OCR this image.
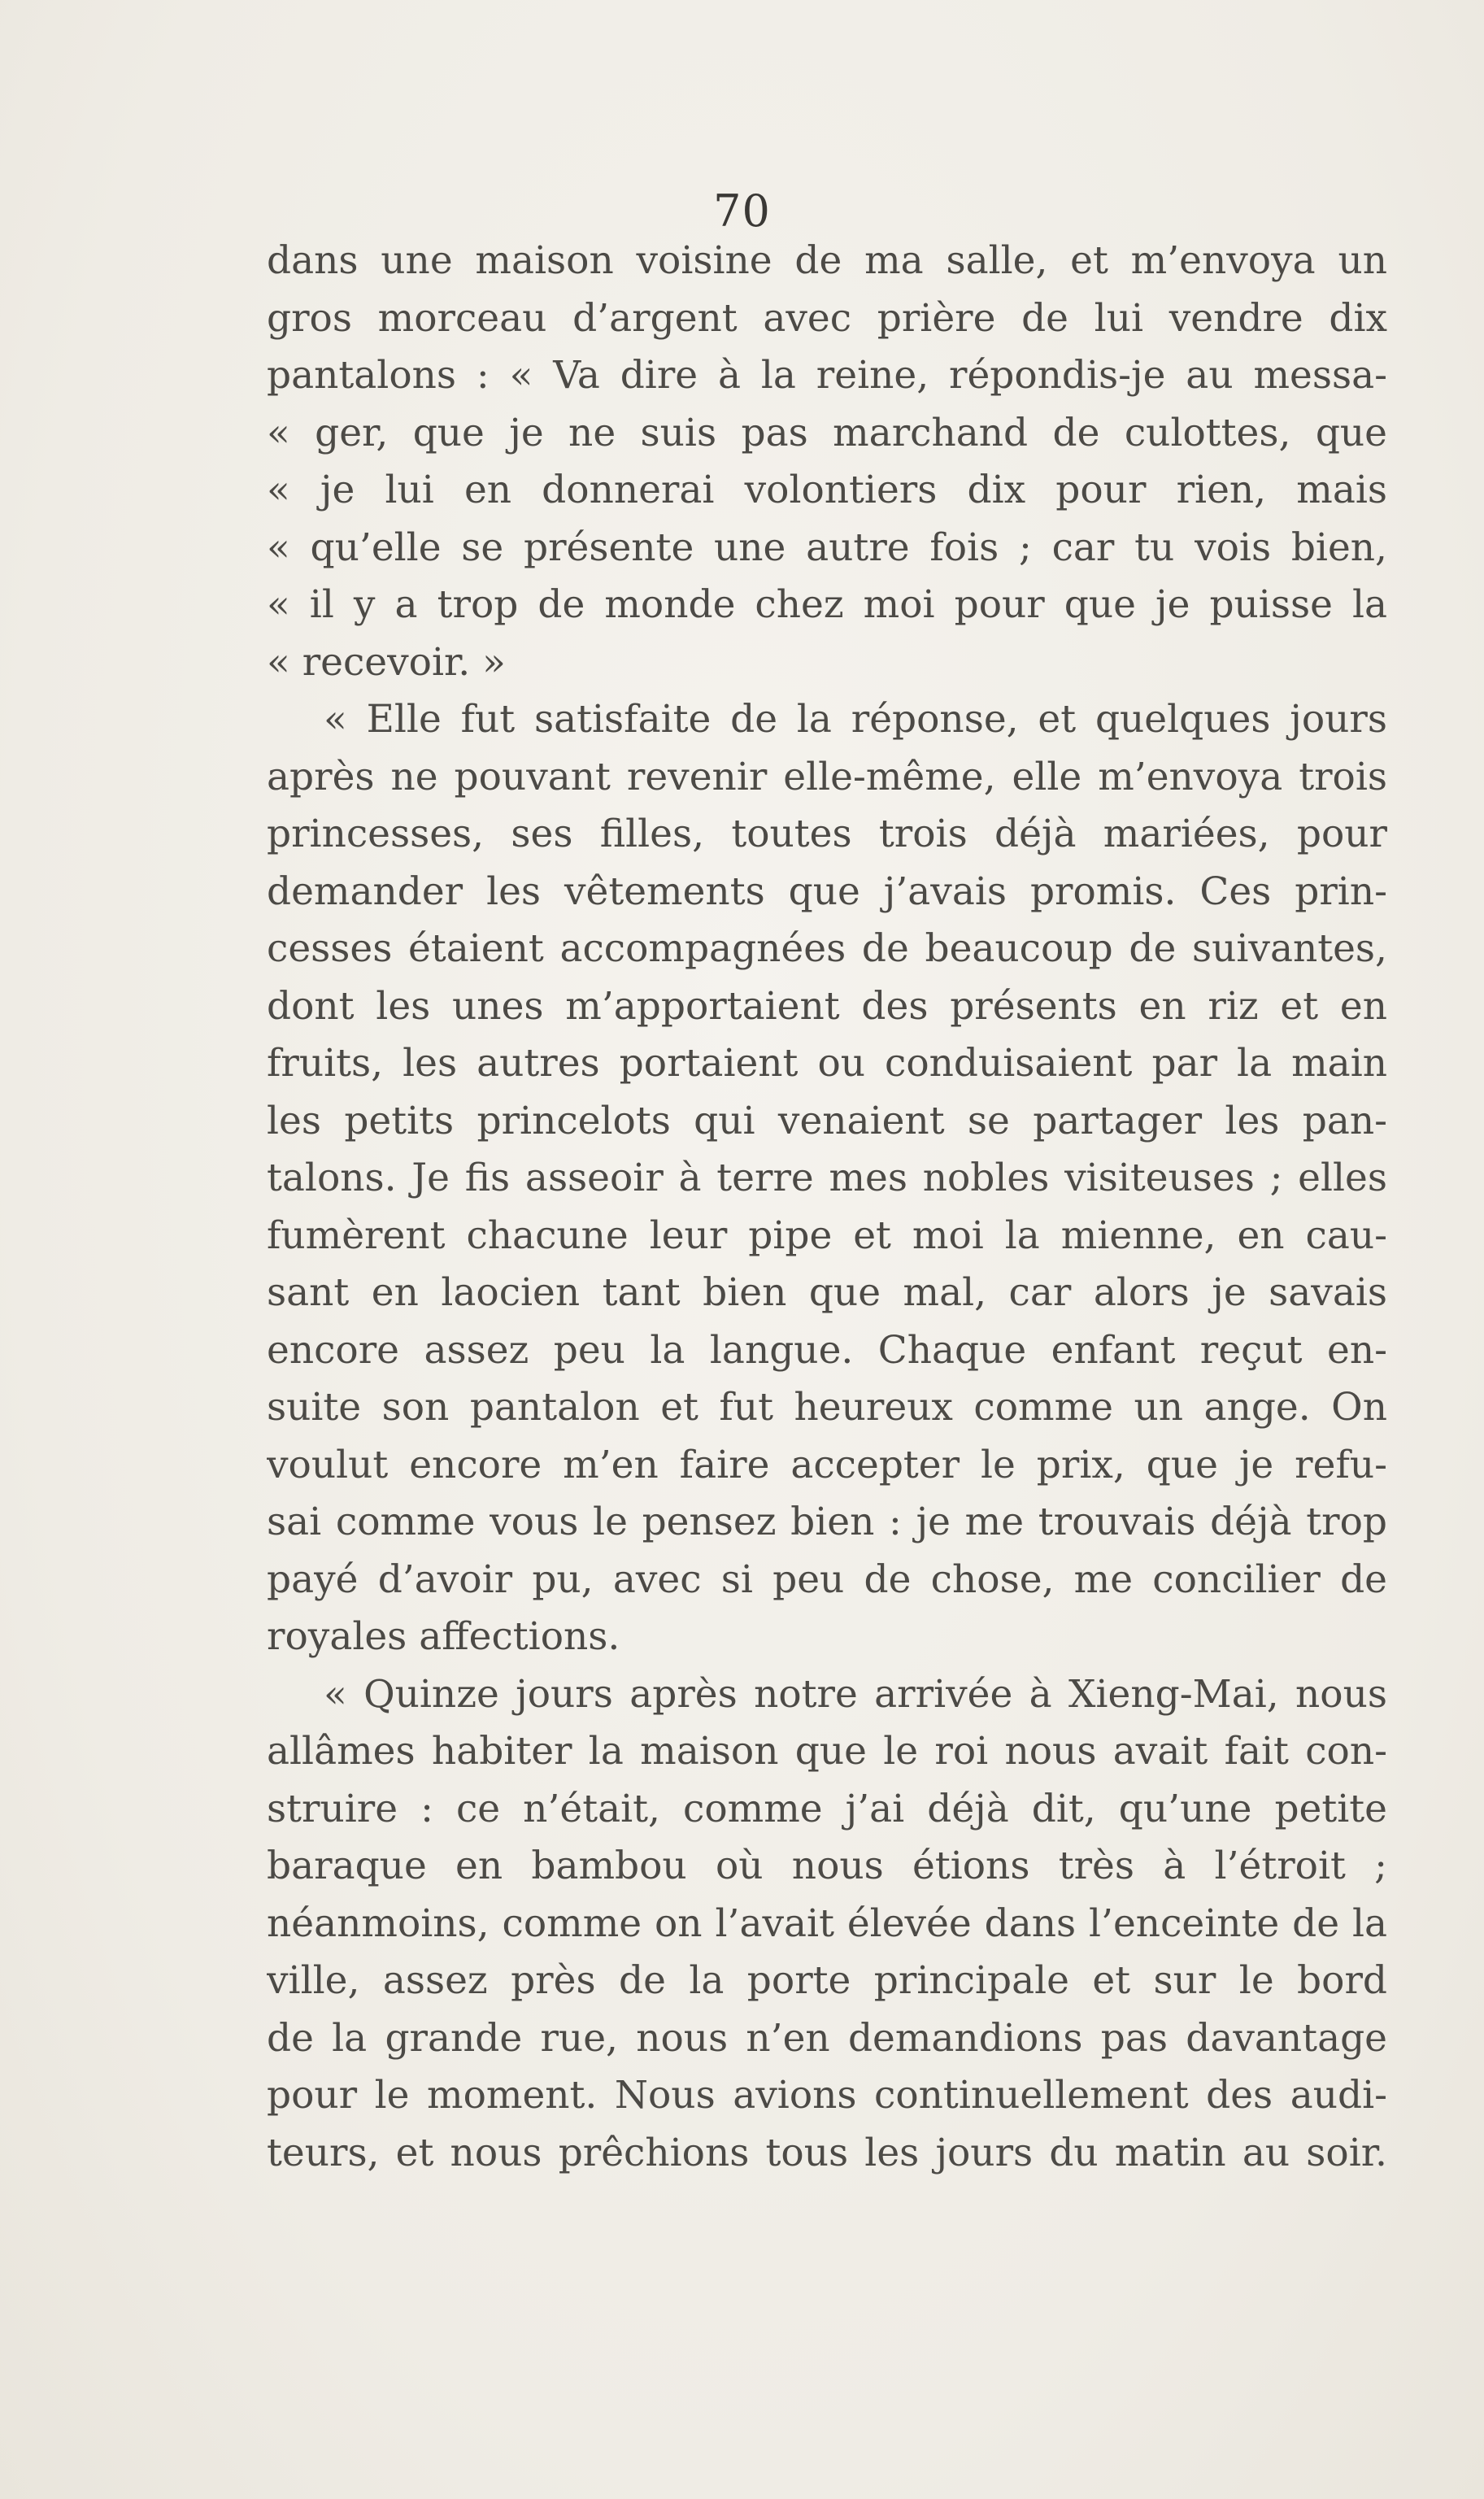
70
dans une maison voisine de ma salle, et m’envoya un
gros morceau d’argent avec prière de lui vendre dix
pantalons : « Va dire à la reine, répondis-je au messa-
« ger, que je ne suis pas marchand de culottes, que
« je lui en donnerai volontiers dix pour rien, mais
« qu’elle se présente une autre fois ; car tu vois bien,
« il y a trop de monde chez moi pour que je puisse la
« recevoir. »
« Elle fut satisfaite de la réponse, et quelques jours
après ne pouvant revenir elle-même, elle m’envoya trois
princesses, ses filles, toutes trois déjà mariées, pour
demander les vêtements que j’avais promis. Ces prin-
cesses étaient accompagnées de beaucoup de suivantes,
dont les unes m’apportaient des présents en riz et en
fruits, les autres portaient ou conduisaient par la main
les petits princelots qui venaient se partager les pan-
talons. Je fis asseoir à terre mes nobles visiteuses ; elles
fumèrent chacune leur pipe et moi la mienne, en cau-
sant en laocien tant bien que mal, car alors je savais
encore assez peu la langue. Chaque enfant reçut en-
suite son pantalon et fut heureux comme un ange. On
voulut encore m’en faire accepter le prix, que je refu-
sai comme vous le pensez bien : je me trouvais déjà trop
payé d’avoir pu, avec si peu de chose, me concilier de
royales affections.
« Quinze jours après notre arrivée à Xieng-Mai, nous
allâmes habiter la maison que le roi nous avait fait con-
struire : ce n’était, comme j’ai déjà dit, qu’une petite
baraque en bambou où nous étions très à l’étroit ;
néanmoins, comme on l’avait élevée dans l’enceinte de la
ville, assez près de la porte principale et sur le bord
de la grande rue, nous n’en demandions pas davantage
pour le moment. Nous avions continuellement des audi-
teurs, et nous prêchions tous les jours du matin au soir.
